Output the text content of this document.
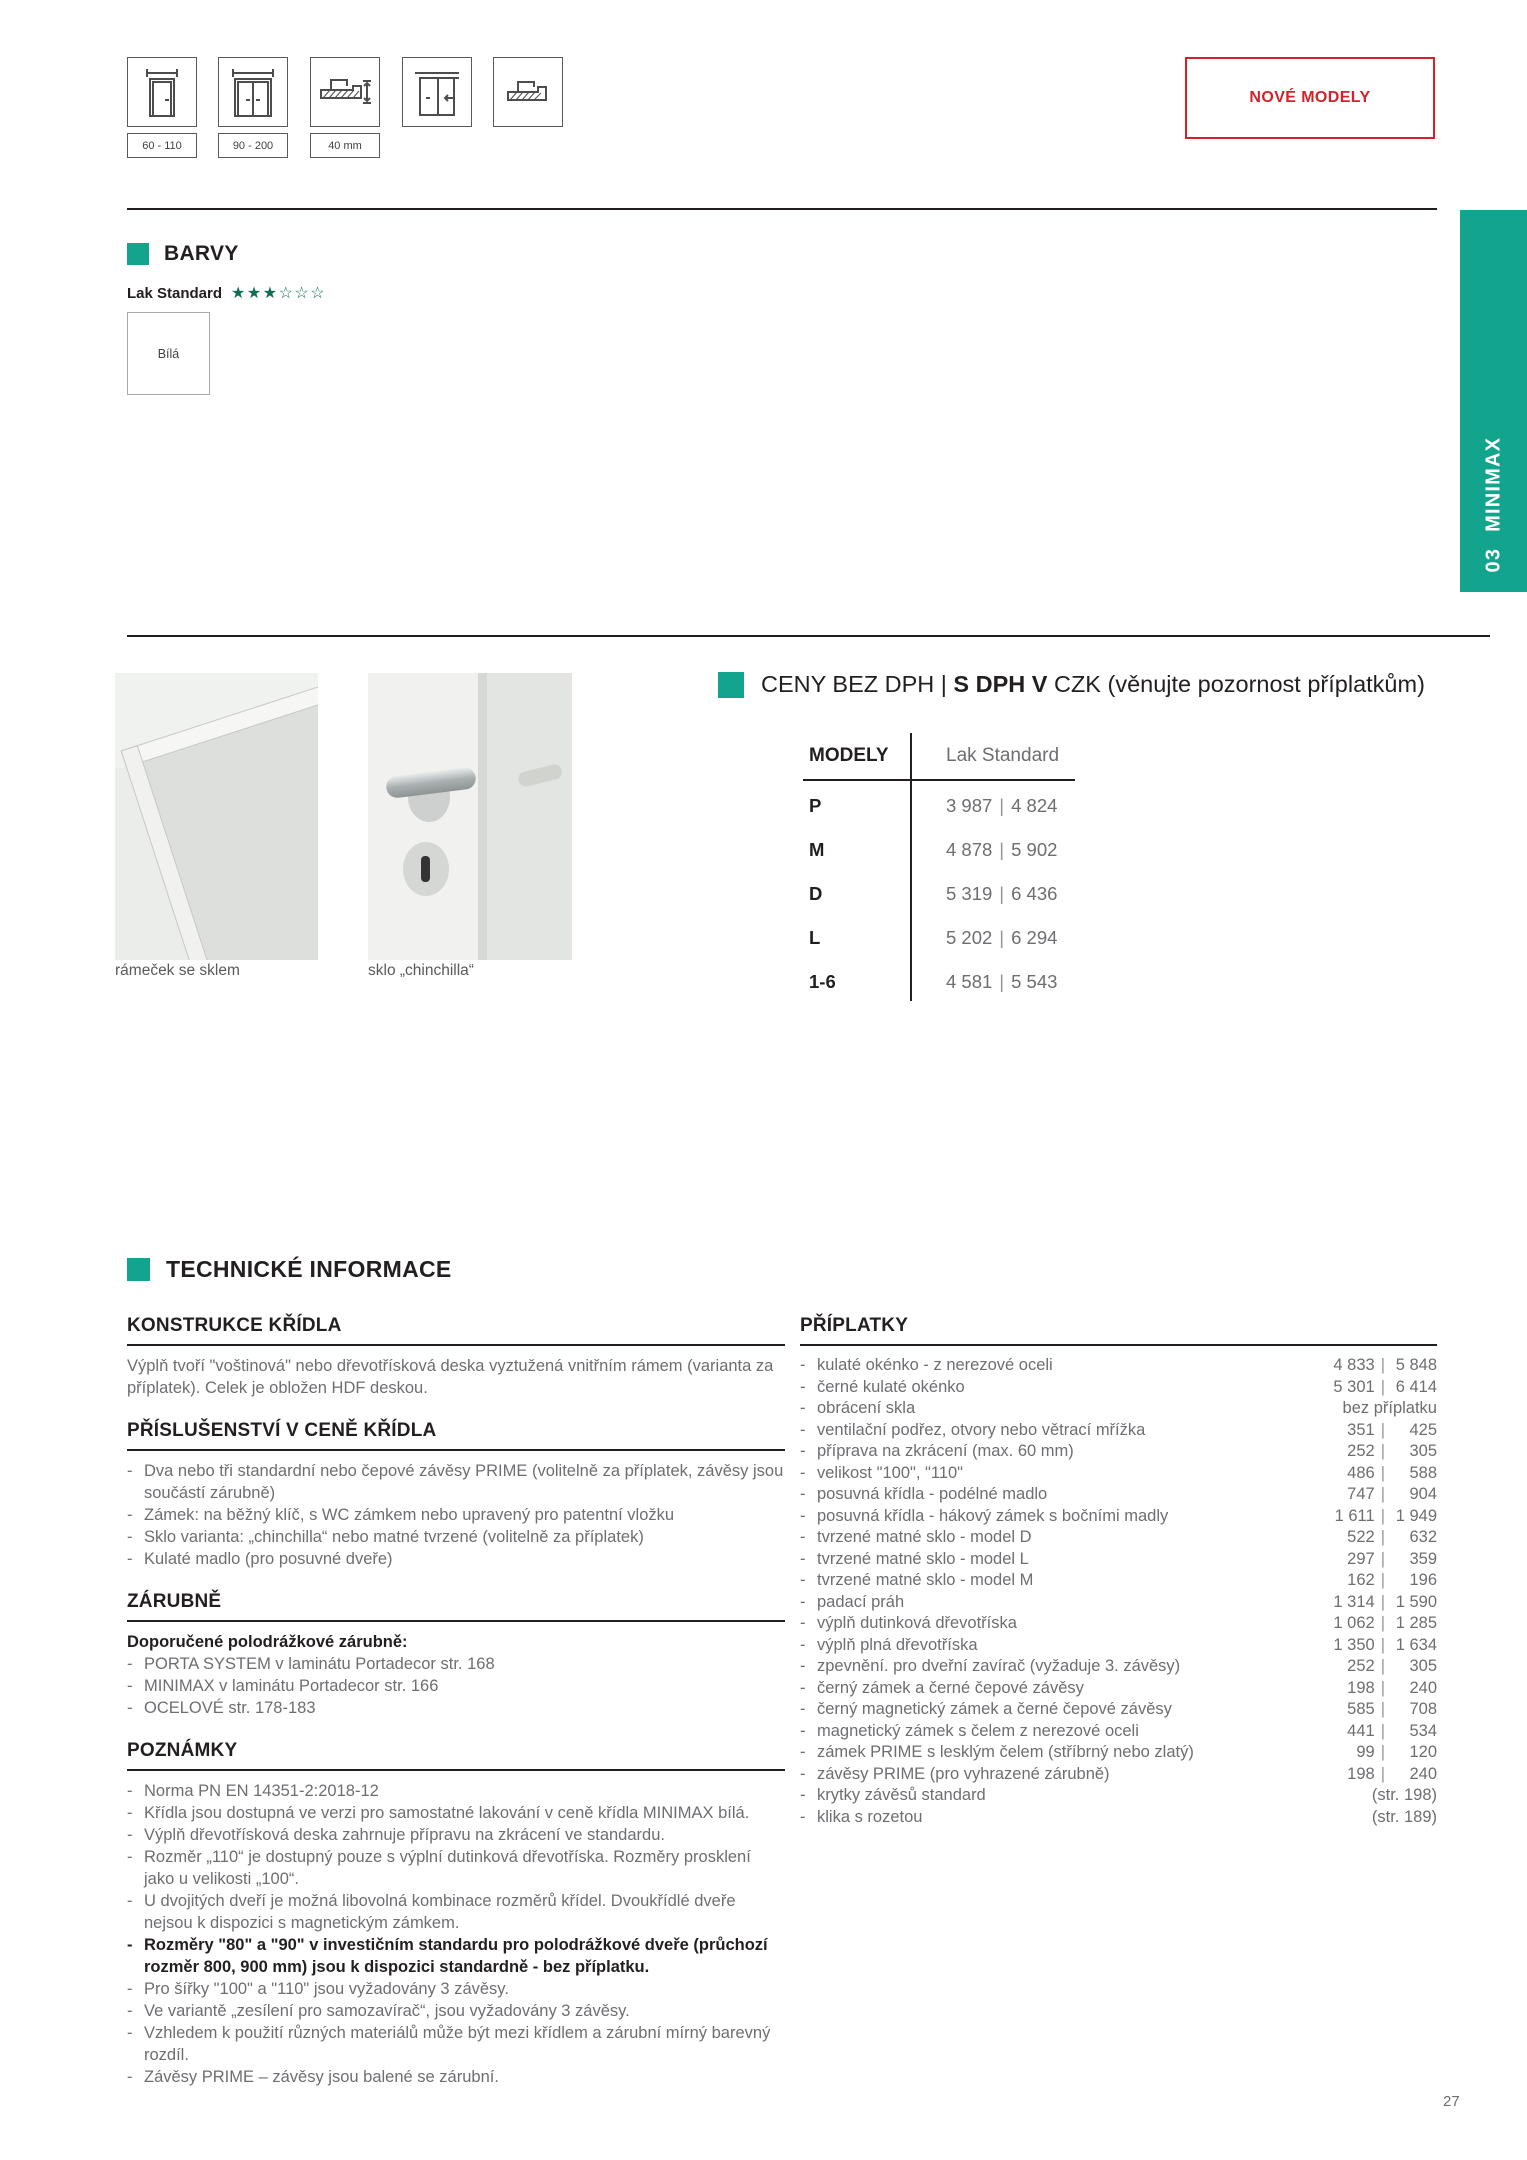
60 - 110	90 - 200	40 mm
NOVÉ MODELY
BARVY
Lak Standard ★★★☆☆☆
Bílá
03
MINIMAX
rámeček se sklem	sklo „chinchilla“
CENY BEZ DPH | S DPH V CZK (věnujte pozornost příplatkům)
MODELY	Lak Standard
P	3 987 | 4 824
M	4 878 | 5 902
D	5 319 | 6 436
L	5 202 | 6 294
1-6	4 581 | 5 543
TECHNICKÉ INFORMACE
KONSTRUKCE KŘÍDLA

Výplň tvoří "voštinová" nebo dřevotřísková deska vyztužená vnitřním rámem (varianta za příplatek). Celek je obložen HDF deskou.

PŘÍSLUŠENSTVÍ V CENĚ KŘÍDLA
- Dva nebo tři standardní nebo čepové závěsy PRIME (volitelně za příplatek, závěsy jsou součástí zárubně)
- Zámek: na běžný klíč, s WC zámkem nebo upravený pro patentní vložku
- Sklo varianta: „chinchilla“ nebo matné tvrzené (volitelně za příplatek)
- Kulaté madlo (pro posuvné dveře)
ZÁRUBNĚ
Doporučené polodrážkové zárubně:
- PORTA SYSTEM v laminátu Portadecor str. 168
- MINIMAX v laminátu Portadecor str. 166
- OCELOVÉ str. 178-183
POZNÁMKY
- Norma PN EN 14351-2:2018-12
- Křídla jsou dostupná ve verzi pro samostatné lakování v ceně křídla MINIMAX bílá.
- Výplň dřevotřísková deska zahrnuje přípravu na zkrácení ve standardu.
- Rozměr „110“ je dostupný pouze s výplní dutinková dřevotříska. Rozměry prosklení jako u velikosti „100“.
- U dvojitých dveří je možná libovolná kombinace rozměrů křídel. Dvoukřídlé dveře nejsou k dispozici s magnetickým zámkem.
- Rozměry "80" a "90" v investičním standardu pro polodrážkové dveře (průchozí rozměr 800, 900 mm) jsou k dispozici standardně - bez příplatku.
- Pro šířky "100" a "110" jsou vyžadovány 3 závěsy.
- Ve variantě „zesílení pro samozavírač“, jsou vyžadovány 3 závěsy.
- Vzhledem k použití různých materiálů může být mezi křídlem a zárubní mírný barevný rozdíl.
- Závěsy PRIME – závěsy jsou balené se zárubní.
PŘÍPLATKY
- kulaté okénko - z nerezové oceli	4 833 | 5 848
- černé kulaté okénko	5 301 | 6 414
- obrácení skla	bez příplatku
- ventilační podřez, otvory nebo větrací mřížka	351 |	425
- příprava na zkrácení (max. 60 mm)	252 |	305
- velikost "100", "110"	486 |	588
- posuvná křídla - podélné madlo	747 |	904
- posuvná křídla - hákový zámek s bočními madly	1 611 | 1 949
- tvrzené matné sklo - model D	522 |	632
- tvrzené matné sklo - model L	297 |	359
- tvrzené matné sklo - model M	162 |	196
- padací práh	1 314 | 1 590
- výplň dutinková dřevotříska	1 062 | 1 285
- výplň plná dřevotříska	1 350 | 1 634
- zpevnění. pro dveřní zavírač (vyžaduje 3. závěsy)	252 |	305
- černý zámek a černé čepové závěsy	198 |	240
- černý magnetický zámek a černé čepové závěsy	585 |	708
- magnetický zámek s čelem z nerezové oceli	441 |	534
- zámek PRIME s lesklým čelem (stříbrný nebo zlatý)	99 |	120
- závěsy PRIME (pro vyhrazené zárubně)	198 |	240
- krytky závěsů standard	(str. 198)
- klika s rozetou	(str. 189)
27
